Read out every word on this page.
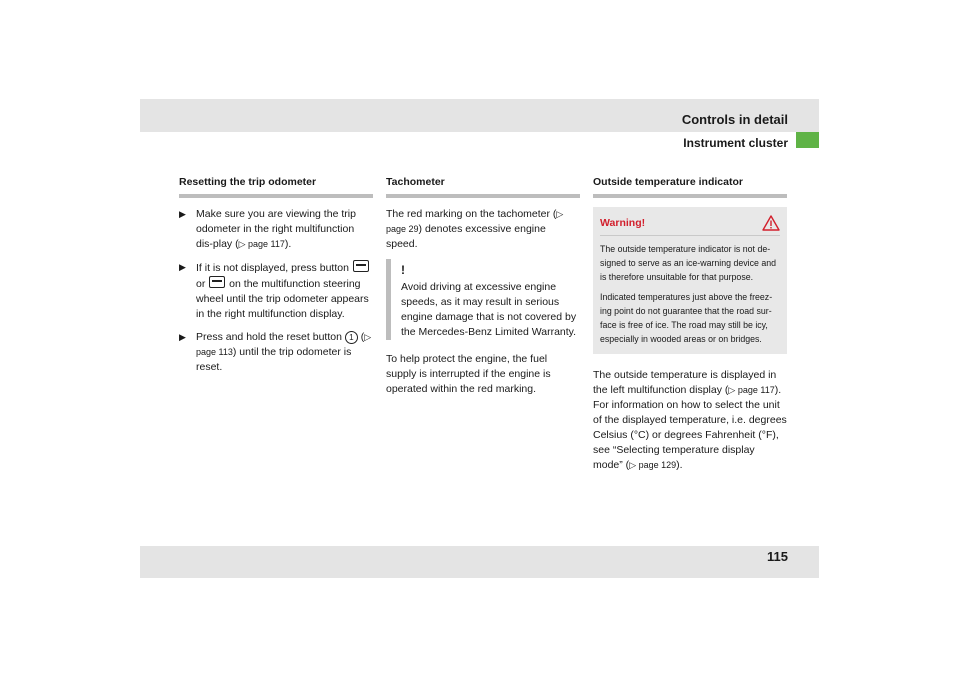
Controls in detail
Instrument cluster
Resetting the trip odometer
▶ Make sure you are viewing the trip odometer in the right multifunction dis-play (▷ page 117).
▶ If it is not displayed, press button  or  on the multifunction steering wheel until the trip odometer appears in the right multifunction display.
▶ Press and hold the reset button 1 (▷ page 113) until the trip odometer is reset.
Tachometer

The red marking on the tachometer (▷ page 29) denotes excessive engine speed.

!
Avoid driving at excessive engine speeds, as it may result in serious engine damage that is not covered by the Mercedes-Benz Limited Warranty.

To help protect the engine, the fuel supply is interrupted if the engine is operated within the red marking.

Outside temperature indicator
Warning!

The outside temperature indicator is not de-signed to serve as an ice-warning device and is therefore unsuitable for that purpose.

Indicated temperatures just above the freez-ing point do not guarantee that the road sur-face is free of ice. The road may still be icy, especially in wooded areas or on bridges.

The outside temperature is displayed in the left multifunction display (▷ page 117). For information on how to select the unit of the displayed temperature, i.e. degrees Celsius (°C) or degrees Fahrenheit (°F), see “Selecting temperature display mode” (▷ page 129).

115
